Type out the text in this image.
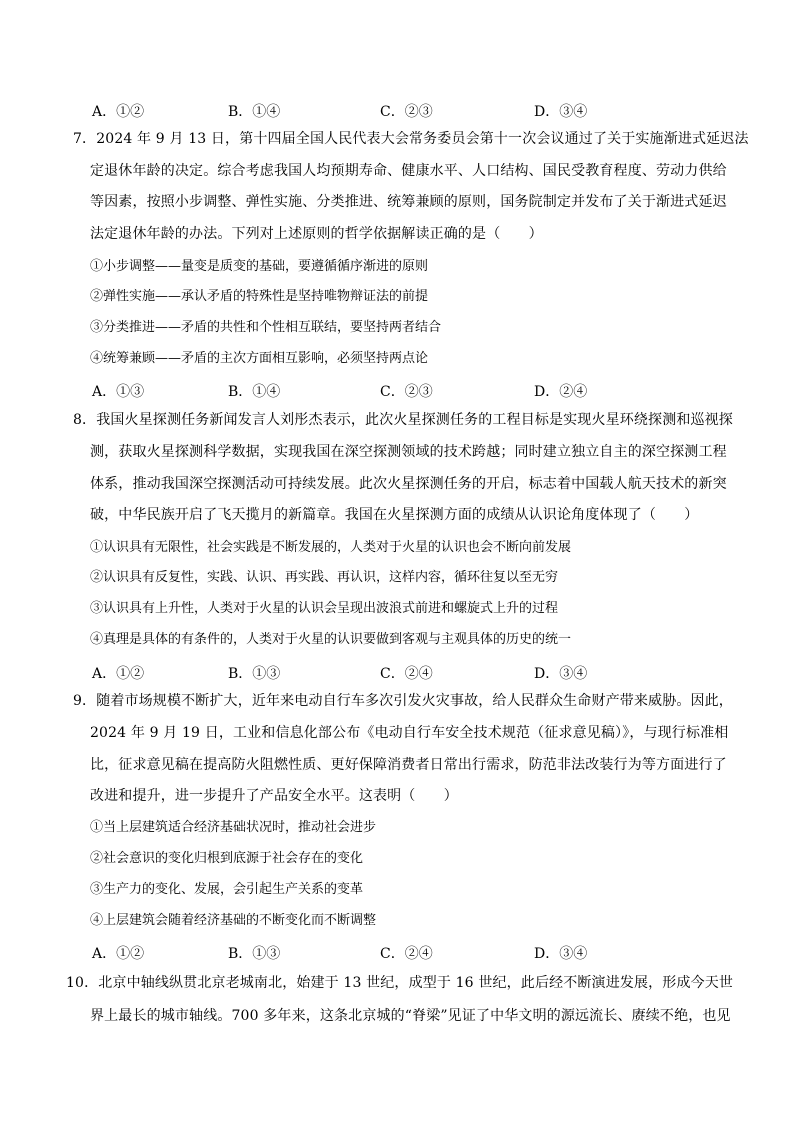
A．①②	B．①④	C．②③	D．③④
7．2024 年 9 月 13 日，第十四届全国人民代表大会常务委员会第十一次会议通过了关于实施渐进式延迟法
定退休年龄的决定。综合考虑我国人均预期寿命、健康水平、人口结构、国民受教育程度、劳动力供给
等因素，按照小步调整、弹性实施、分类推进、统筹兼顾的原则，国务院制定并发布了关于渐进式延迟
法定退休年龄的办法。下列对上述原则的哲学依据解读正确的是（　　）
①小步调整——量变是质变的基础，要遵循循序渐进的原则
②弹性实施——承认矛盾的特殊性是坚持唯物辩证法的前提
③分类推进——矛盾的共性和个性相互联结，要坚持两者结合
④统筹兼顾——矛盾的主次方面相互影响，必须坚持两点论
A．①③	B．①④	C．②③	D．②④
8．我国火星探测任务新闻发言人刘彤杰表示，此次火星探测任务的工程目标是实现火星环绕探测和巡视探
测，获取火星探测科学数据，实现我国在深空探测领域的技术跨越；同时建立独立自主的深空探测工程
体系，推动我国深空探测活动可持续发展。此次火星探测任务的开启，标志着中国载人航天技术的新突
破，中华民族开启了飞天揽月的新篇章。我国在火星探测方面的成绩从认识论角度体现了（　　）
①认识具有无限性，社会实践是不断发展的，人类对于火星的认识也会不断向前发展
②认识具有反复性，实践、认识、再实践、再认识，这样内容，循环往复以至无穷
③认识具有上升性，人类对于火星的认识会呈现出波浪式前进和螺旋式上升的过程
④真理是具体的有条件的，人类对于火星的认识要做到客观与主观具体的历史的统一
A．①②	B．①③	C．②④	D．③④
9．随着市场规模不断扩大，近年来电动自行车多次引发火灾事故，给人民群众生命财产带来威胁。因此，
2024 年 9 月 19 日，工业和信息化部公布《电动自行车安全技术规范（征求意见稿）》，与现行标准相
比，征求意见稿在提高防火阻燃性质、更好保障消费者日常出行需求，防范非法改装行为等方面进行了
改进和提升，进一步提升了产品安全水平。这表明（　　）
①当上层建筑适合经济基础状况时，推动社会进步
②社会意识的变化归根到底源于社会存在的变化
③生产力的变化、发展，会引起生产关系的变革
④上层建筑会随着经济基础的不断变化而不断调整
A．①②	B．①③	C．②④	D．③④
10．北京中轴线纵贯北京老城南北，始建于 13 世纪，成型于 16 世纪，此后经不断演进发展，形成今天世
界上最长的城市轴线。700 多年来，这条北京城的“脊梁”见证了中华文明的源远流长、赓续不绝，也见
